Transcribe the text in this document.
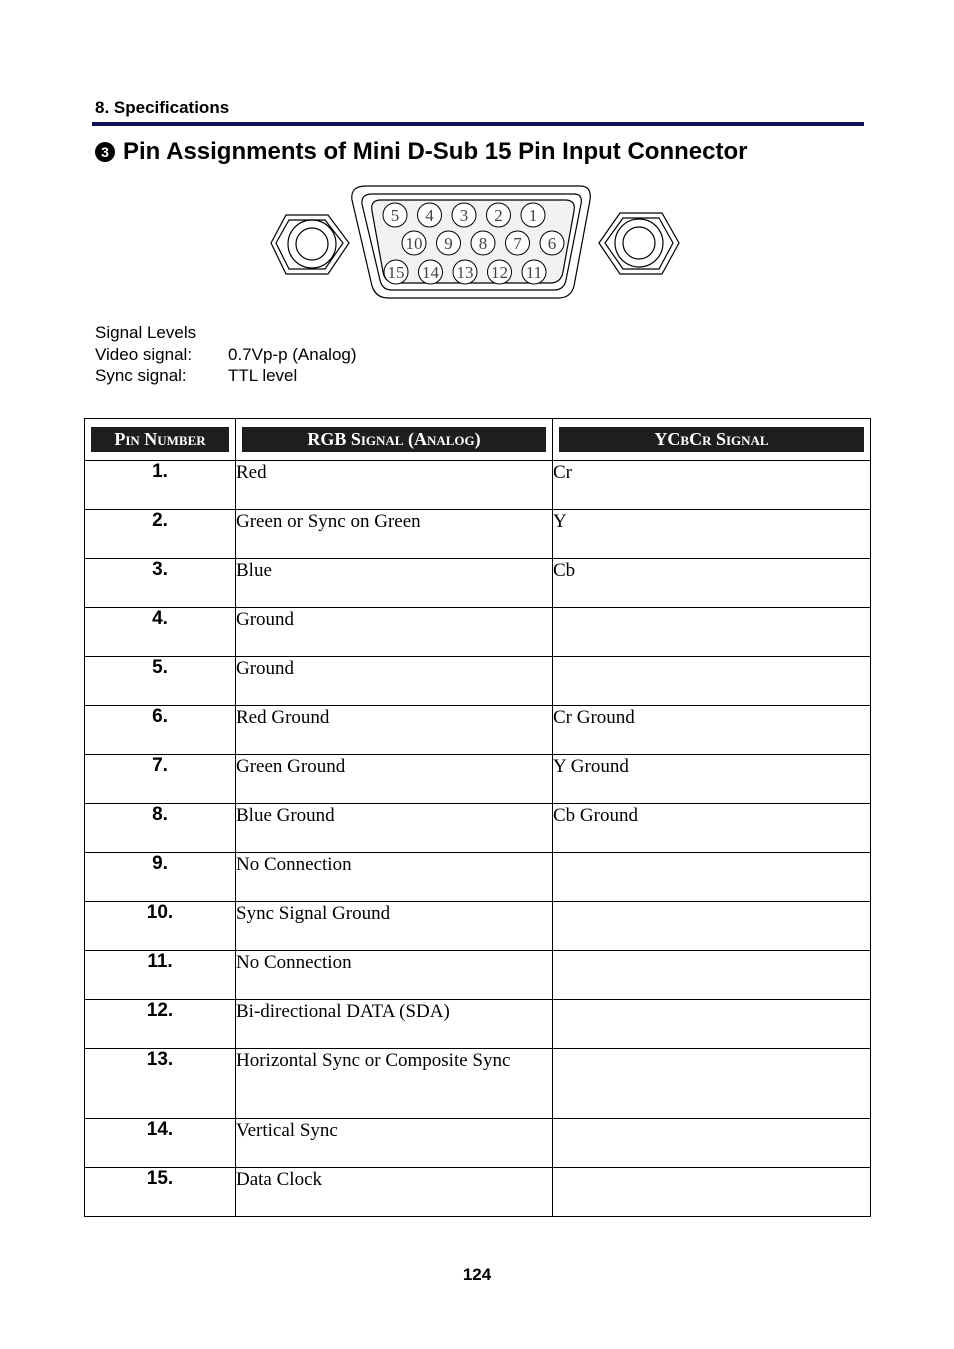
8. Specifications
3 Pin Assignments of Mini D-Sub 15 Pin Input Connector
5 4 3 2 1
10 9 8 7 6
15 14 13 12 11
Signal Levels
Video signal:	0.7Vp-p (Analog)
Sync signal:	TTL level
Pin Number	RGB Signal (Analog)	YCbCr Signal

1.	Red	Cr
2.	Green or Sync on Green	Y
3.	Blue	Cb
4.	Ground	
5.	Ground	
6.	Red Ground	Cr Ground
7.	Green Ground	Y Ground
8.	Blue Ground	Cb Ground
9.	No Connection	
10.	Sync Signal Ground	
11.	No Connection	
12.	Bi-directional DATA (SDA)	
13.	Horizontal Sync or Composite Sync	
14.	Vertical Sync	
15.	Data Clock	
124
